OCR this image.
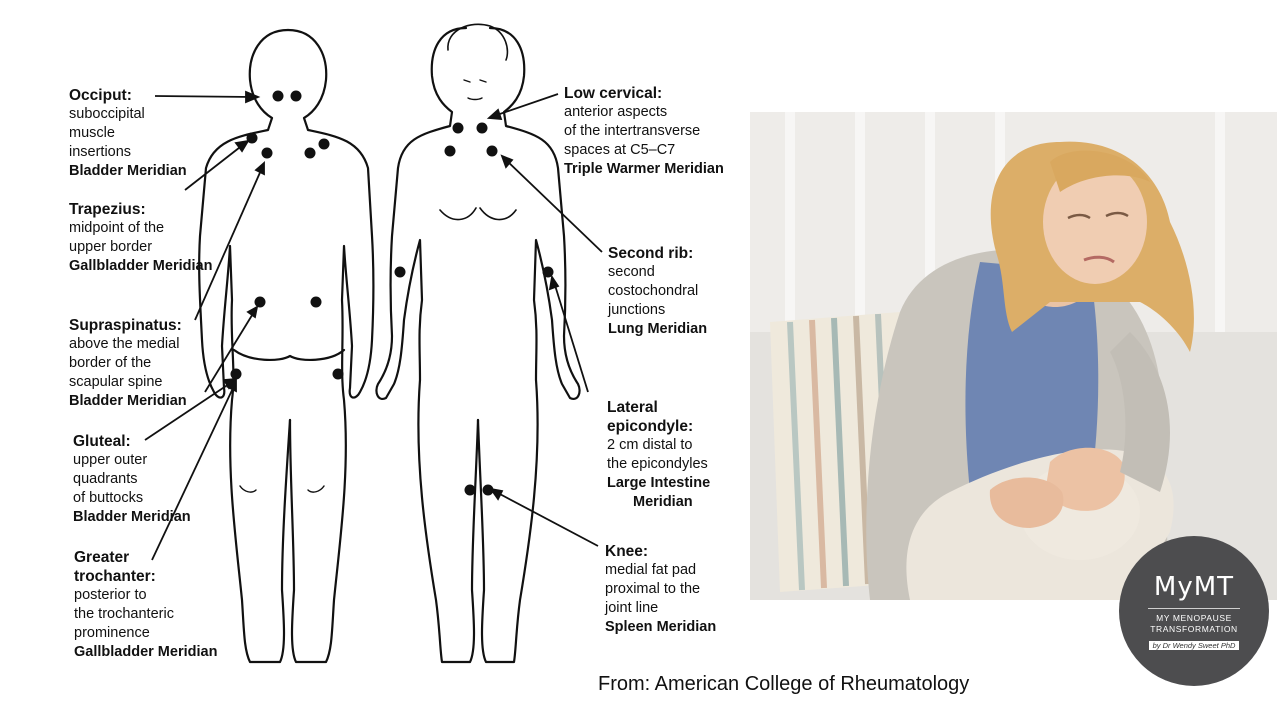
Occiput:
suboccipital
muscle
insertions
Bladder Meridian
Trapezius:
midpoint of the
upper border
Gallbladder Meridian
Supraspinatus:
above the medial
border of the
scapular spine
Bladder Meridian
Gluteal:
upper outer
quadrants
of buttocks
Bladder Meridian
Greater
trochanter:
posterior to
the trochanteric
prominence
Gallbladder Meridian
Low cervical:
anterior aspects
of the intertransverse
spaces at C5–C7
Triple Warmer Meridian
Second rib:
second
costochondral
junctions
Lung Meridian
Lateral
epicondyle:
2 cm distal to
the epicondyles
Large Intestine
Meridian
Knee:
medial fat pad
proximal to the
joint line
Spleen Meridian
MyMT
MY MENOPAUSE
TRANSFORMATION
by Dr Wendy Sweet PhD
From: American College of Rheumatology
